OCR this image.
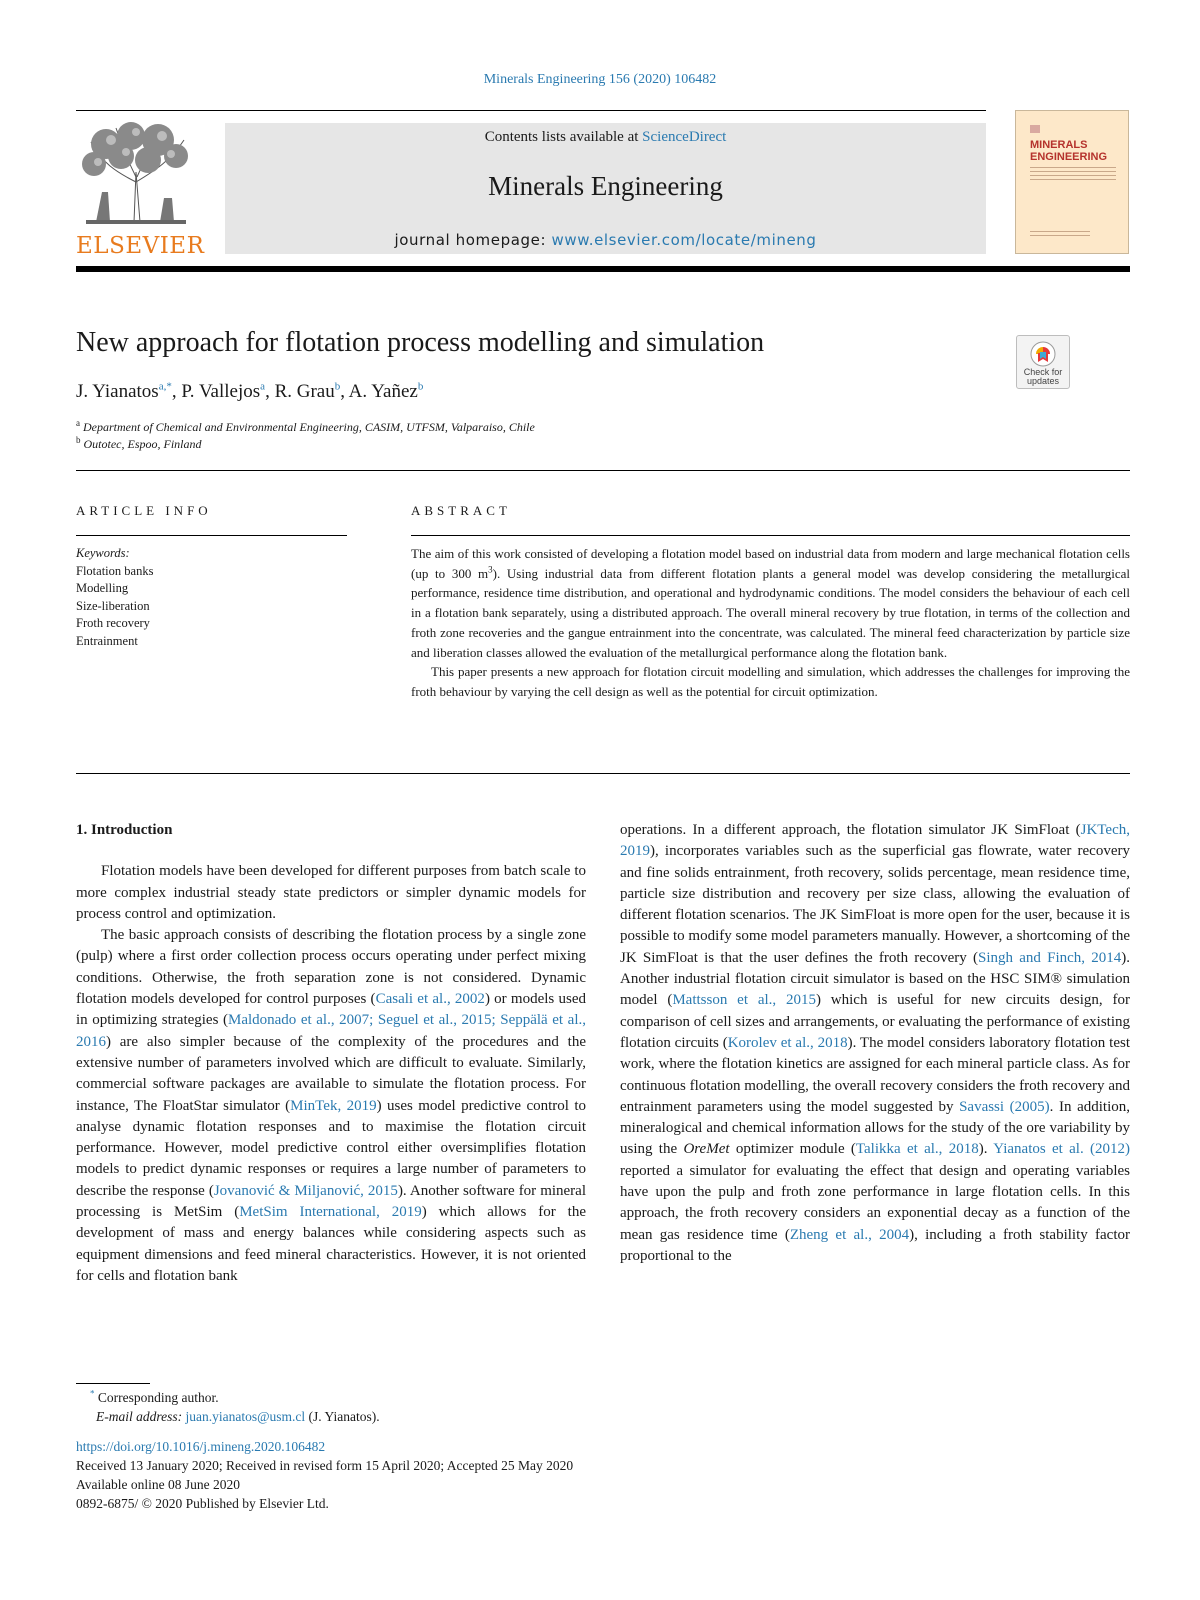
Minerals Engineering 156 (2020) 106482
ELSEVIER
Contents lists available at ScienceDirect
Minerals Engineering
journal homepage: www.elsevier.com/locate/mineng
MINERALS
ENGINEERING
New approach for flotation process modelling and simulation
Check for
updates
J. Yianatos$^{a,*}$, P. Vallejos$^a$, R. Grau$^b$, A. Yañez$^b$
$^a$ Department of Chemical and Environmental Engineering, CASIM, UTFSM, Valparaiso, Chile
$^b$ Outotec, Espoo, Finland
ARTICLE INFO	ABSTRACT
Keywords:
Flotation banks
Modelling
Size-liberation
Froth recovery
Entrainment

The aim of this work consisted of developing a flotation model based on industrial data from modern and large mechanical flotation cells (up to 300 $m^3$). Using industrial data from different flotation plants a general model was develop considering the metallurgical performance, residence time distribution, and operational and hydrodynamic conditions. The model considers the behaviour of each cell in a flotation bank separately, using a distributed approach. The overall mineral recovery by true flotation, in terms of the collection and froth zone recoveries and the gangue entrainment into the concentrate, was calculated. The mineral feed characterization by particle size and liberation classes allowed the evaluation of the metallurgical performance along the flotation bank.

This paper presents a new approach for flotation circuit modelling and simulation, which addresses the challenges for improving the froth behaviour by varying the cell design as well as the potential for circuit optimization.

1. Introduction

Flotation models have been developed for different purposes from batch scale to more complex industrial steady state predictors or simpler dynamic models for process control and optimization.

The basic approach consists of describing the flotation process by a single zone (pulp) where a first order collection process occurs operating under perfect mixing conditions. Otherwise, the froth separation zone is not considered. Dynamic flotation models developed for control purposes (Casali et al., 2002) or models used in optimizing strategies (Maldonado et al., 2007; Seguel et al., 2015; Seppälä et al., 2016) are also simpler because of the complexity of the procedures and the extensive number of parameters involved which are difficult to evaluate. Similarly, commercial software packages are available to simulate the flotation process. For instance, The FloatStar simulator (MinTek, 2019) uses model predictive control to analyse dynamic flotation responses and to maximise the flotation circuit performance. However, model predictive control either oversimplifies flotation models to predict dynamic responses or requires a large number of parameters to describe the response (Jovanović & Miljanović, 2015). Another software for mineral processing is MetSim (MetSim International, 2019) which allows for the development of mass and energy balances while considering aspects such as equipment dimensions and feed mineral characteristics. However, it is not oriented for cells and flotation bank

operations. In a different approach, the flotation simulator JK SimFloat (JKTech, 2019), incorporates variables such as the superficial gas flowrate, water recovery and fine solids entrainment, froth recovery, solids percentage, mean residence time, particle size distribution and recovery per size class, allowing the evaluation of different flotation scenarios. The JK SimFloat is more open for the user, because it is possible to modify some model parameters manually. However, a shortcoming of the JK SimFloat is that the user defines the froth recovery (Singh and Finch, 2014). Another industrial flotation circuit simulator is based on the HSC SIM® simulation model (Mattsson et al., 2015) which is useful for new circuits design, for comparison of cell sizes and arrangements, or evaluating the performance of existing flotation circuits (Korolev et al., 2018). The model considers laboratory flotation test work, where the flotation kinetics are assigned for each mineral particle class. As for continuous flotation modelling, the overall recovery considers the froth recovery and entrainment parameters using the model suggested by Savassi (2005). In addition, mineralogical and chemical information allows for the study of the ore variability by using the OreMet optimizer module (Talikka et al., 2018). Yianatos et al. (2012) reported a simulator for evaluating the effect that design and operating variables have upon the pulp and froth zone performance in large flotation cells. In this approach, the froth recovery considers an exponential decay as a function of the mean gas residence time (Zheng et al., 2004), including a froth stability factor proportional to the

* Corresponding author.
E-mail address: juan.yianatos@usm.cl (J. Yianatos).
https://doi.org/10.1016/j.mineng.2020.106482
Received 13 January 2020; Received in revised form 15 April 2020; Accepted 25 May 2020
Available online 08 June 2020
0892-6875/ © 2020 Published by Elsevier Ltd.
